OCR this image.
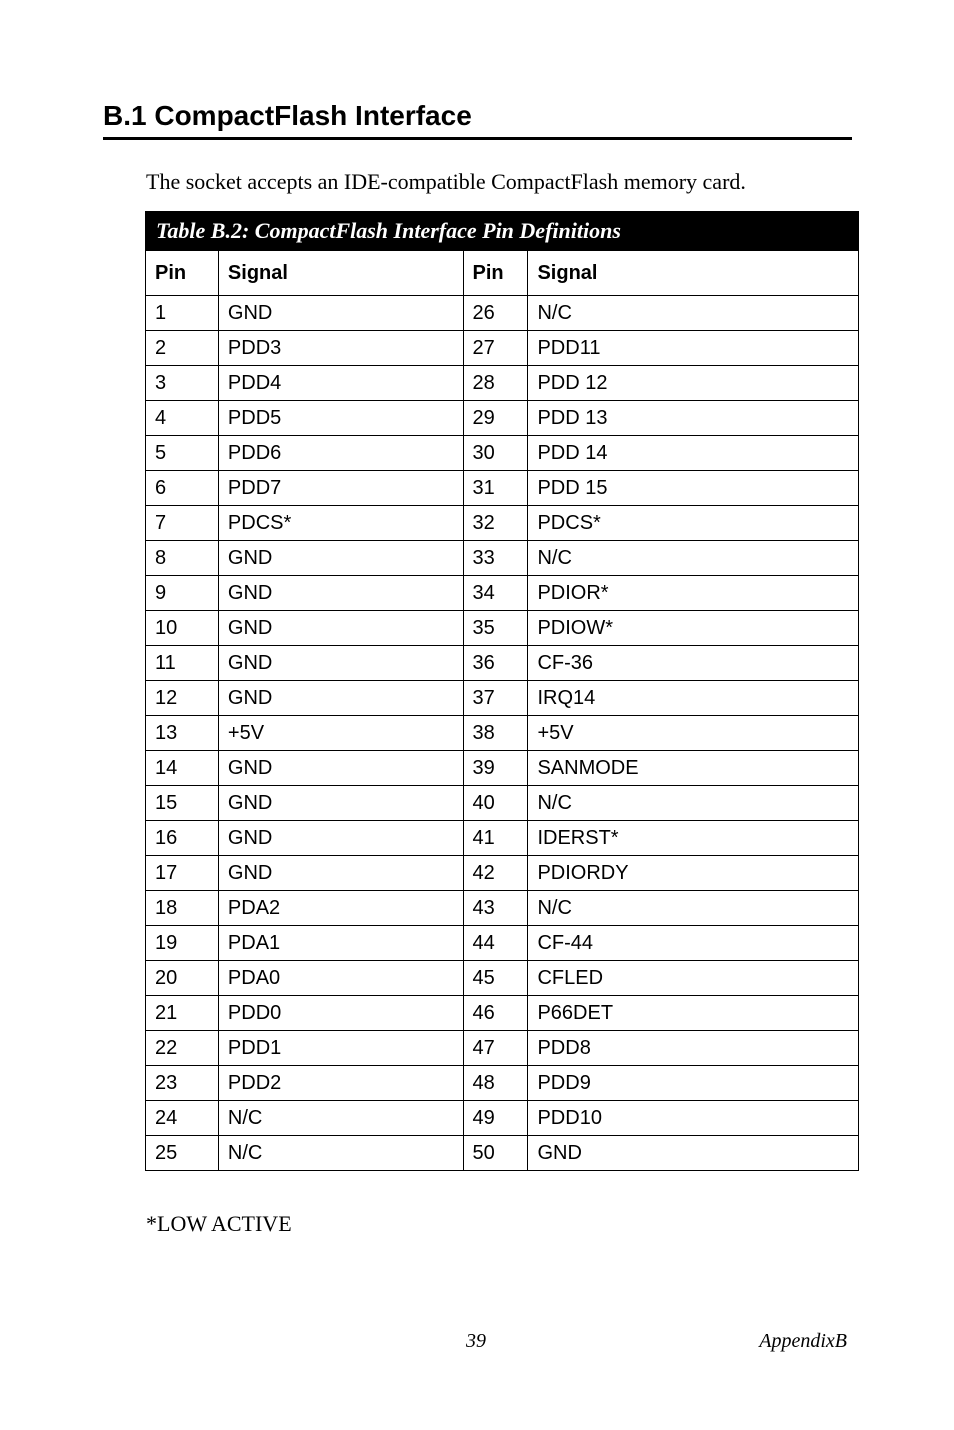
B.1 CompactFlash Interface

The socket accepts an IDE-compatible CompactFlash memory card.

Table B.2: CompactFlash Interface Pin Definitions
Pin	Signal	Pin	Signal
1	GND	26	N/C
2	PDD3	27	PDD11
3	PDD4	28	PDD 12
4	PDD5	29	PDD 13
5	PDD6	30	PDD 14
6	PDD7	31	PDD 15
7	PDCS*	32	PDCS*
8	GND	33	N/C
9	GND	34	PDIOR*
10	GND	35	PDIOW*
11	GND	36	CF-36
12	GND	37	IRQ14
13	+5V	38	+5V
14	GND	39	SANMODE
15	GND	40	N/C
16	GND	41	IDERST*
17	GND	42	PDIORDY
18	PDA2	43	N/C
19	PDA1	44	CF-44
20	PDA0	45	CFLED
21	PDD0	46	P66DET
22	PDD1	47	PDD8
23	PDD2	48	PDD9
24	N/C	49	PDD10
25	N/C	50	GND

*LOW ACTIVE

39	AppendixB
